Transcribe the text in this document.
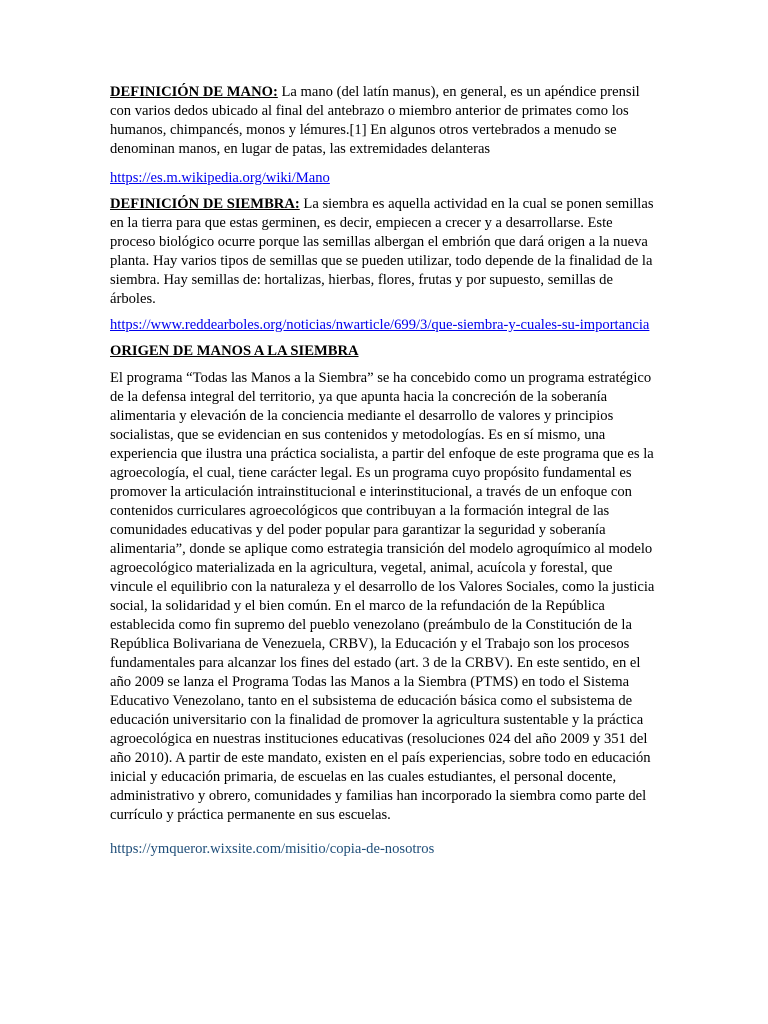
DEFINICIÓN DE MANO: La mano (del latín manus), en general, es un apéndice prensil con varios dedos ubicado al final del antebrazo o miembro anterior de primates como los humanos, chimpancés, monos y lémures.[1] En algunos otros vertebrados a menudo se denominan manos, en lugar de patas, las extremidades delanteras

https://es.m.wikipedia.org/wiki/Mano

DEFINICIÓN DE SIEMBRA: La siembra es aquella actividad en la cual se ponen semillas en la tierra para que estas germinen, es decir, empiecen a crecer y a desarrollarse. Este proceso biológico ocurre porque las semillas albergan el embrión que dará origen a la nueva planta. Hay varios tipos de semillas que se pueden utilizar, todo depende de la finalidad de la siembra. Hay semillas de: hortalizas, hierbas, flores, frutas y por supuesto, semillas de árboles.

https://www.reddearboles.org/noticias/nwarticle/699/3/que-siembra-y-cuales-su-importancia

ORIGEN DE MANOS A LA SIEMBRA

El programa “Todas las Manos a la Siembra” se ha concebido como un programa estratégico de la defensa integral del territorio, ya que apunta hacia la concreción de la soberanía alimentaria y elevación de la conciencia mediante el desarrollo de valores y principios socialistas, que se evidencian en sus contenidos y metodologías. Es en sí mismo, una experiencia que ilustra una práctica socialista, a partir del enfoque de este programa que es la agroecología, el cual, tiene carácter legal. Es un programa cuyo propósito fundamental es promover la articulación intrainstitucional e interinstitucional, a través de un enfoque con contenidos curriculares agroecológicos que contribuyan a la formación integral de las comunidades educativas y del poder popular para garantizar la seguridad y soberanía alimentaria”, donde se aplique como estrategia transición del modelo agroquímico al modelo agroecológico materializada en la agricultura, vegetal, animal, acuícola y forestal, que vincule el equilibrio con la naturaleza y el desarrollo de los Valores Sociales, como la justicia social, la solidaridad y el bien común. En el marco de la refundación de la República establecida como fin supremo del pueblo venezolano (preámbulo de la Constitución de la República Bolivariana de Venezuela, CRBV), la Educación y el Trabajo son los procesos fundamentales para alcanzar los fines del estado (art. 3 de la CRBV). En este sentido, en el año 2009 se lanza el Programa Todas las Manos a la Siembra (PTMS) en todo el Sistema Educativo Venezolano, tanto en el subsistema de educación básica como el subsistema de educación universitario con la finalidad de promover la agricultura sustentable y la práctica agroecológica en nuestras instituciones educativas (resoluciones 024 del año 2009 y 351 del año 2010). A partir de este mandato, existen en el país experiencias, sobre todo en educación inicial y educación primaria, de escuelas en las cuales estudiantes, el personal docente, administrativo y obrero, comunidades y familias han incorporado la siembra como parte del currículo y práctica permanente en sus escuelas.

https://ymqueror.wixsite.com/misitio/copia-de-nosotros
